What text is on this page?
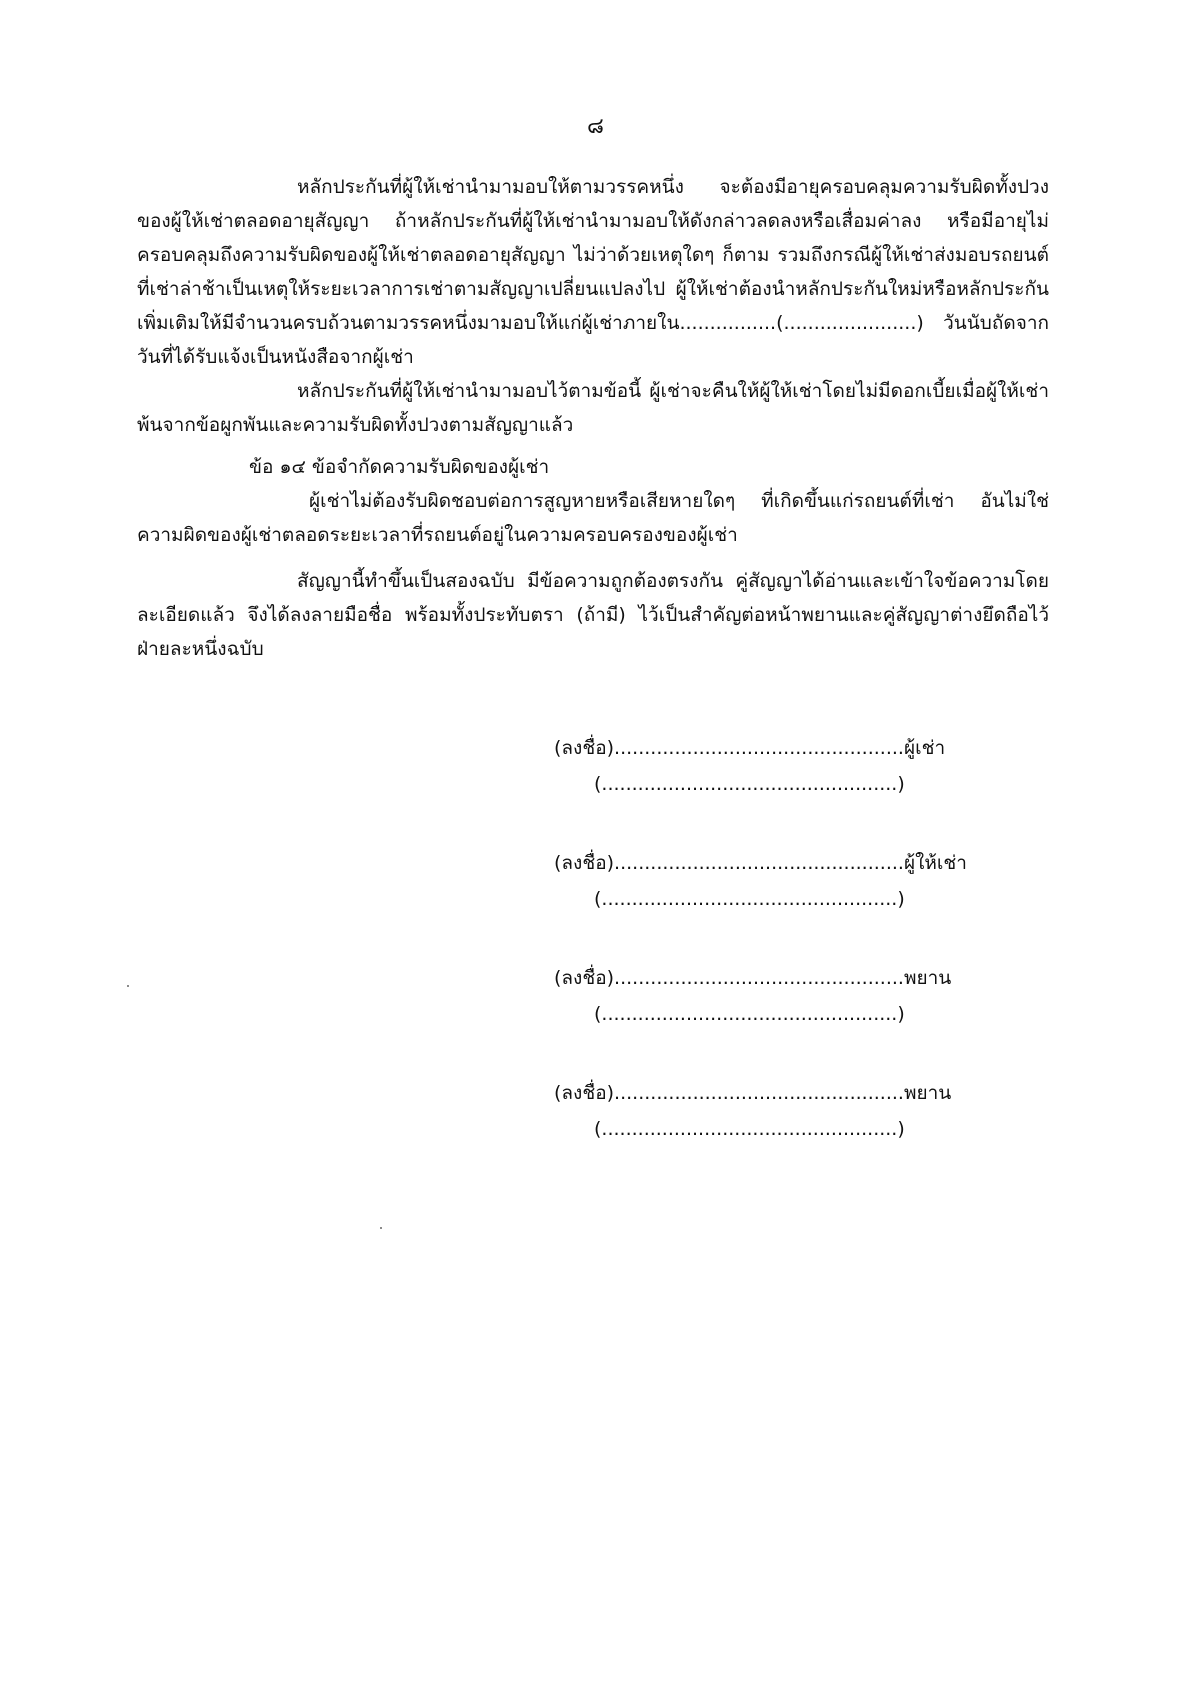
๘

หลักประกันที่ผู้ให้เช่านำมามอบให้ตามวรรคหนึ่ง จะต้องมีอายุครอบคลุมความรับผิดทั้งปวงของผู้ให้เช่าตลอดอายุสัญญา ถ้าหลักประกันที่ผู้ให้เช่านำมามอบให้ดังกล่าวลดลงหรือเสื่อมค่าลง หรือมีอายุไม่ครอบคลุมถึงความรับผิดของผู้ให้เช่าตลอดอายุสัญญา ไม่ว่าด้วยเหตุใดๆ ก็ตาม รวมถึงกรณีผู้ให้เช่าส่งมอบรถยนต์ที่เช่าล่าช้าเป็นเหตุให้ระยะเวลาการเช่าตามสัญญาเปลี่ยนแปลงไป ผู้ให้เช่าต้องนำหลักประกันใหม่หรือหลักประกันเพิ่มเติมให้มีจำนวนครบถ้วนตามวรรคหนึ่งมามอบให้แก่ผู้เช่าภายใน................(......................) วันนับถัดจากวันที่ได้รับแจ้งเป็นหนังสือจากผู้เช่า

หลักประกันที่ผู้ให้เช่านำมามอบไว้ตามข้อนี้ ผู้เช่าจะคืนให้ผู้ให้เช่าโดยไม่มีดอกเบี้ยเมื่อผู้ให้เช่าพ้นจากข้อผูกพันและความรับผิดทั้งปวงตามสัญญาแล้ว

ข้อ ๑๔ ข้อจำกัดความรับผิดของผู้เช่า

ผู้เช่าไม่ต้องรับผิดชอบต่อการสูญหายหรือเสียหายใดๆ ที่เกิดขึ้นแก่รถยนต์ที่เช่า อันไม่ใช่ความผิดของผู้เช่าตลอดระยะเวลาที่รถยนต์อยู่ในความครอบครองของผู้เช่า

สัญญานี้ทำขึ้นเป็นสองฉบับ มีข้อความถูกต้องตรงกัน คู่สัญญาได้อ่านและเข้าใจข้อความโดยละเอียดแล้ว จึงได้ลงลายมือชื่อ พร้อมทั้งประทับตรา (ถ้ามี) ไว้เป็นสำคัญต่อหน้าพยานและคู่สัญญาต่างยึดถือไว้ฝ่ายละหนึ่งฉบับ

(ลงชื่อ)................................................ผู้เช่า
(.................................................)
(ลงชื่อ)................................................ผู้ให้เช่า
(.................................................)
(ลงชื่อ)................................................พยาน
(.................................................)
(ลงชื่อ)................................................พยาน
(.................................................)
